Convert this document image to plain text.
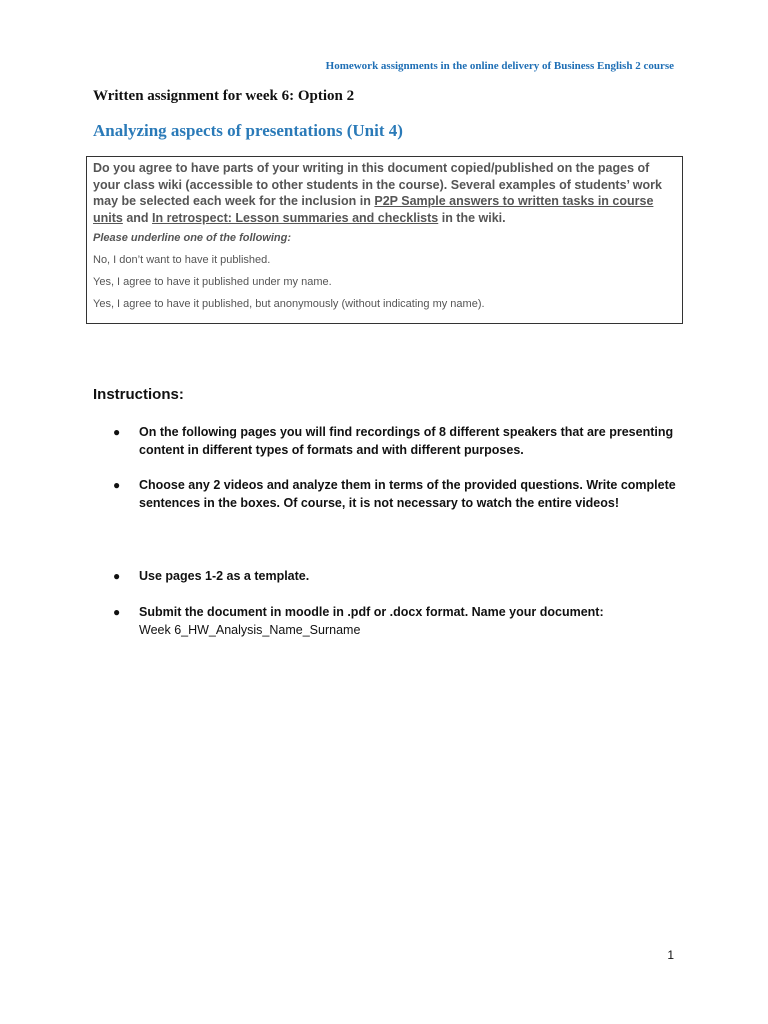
Homework assignments in the online delivery of Business English 2 course
Written assignment for week 6: Option 2
Analyzing aspects of presentations (Unit 4)

Do you agree to have parts of your writing in this document copied/published on the pages of your class wiki (accessible to other students in the course). Several examples of students’ work may be selected each week for the inclusion in P2P Sample answers to written tasks in course units and In retrospect: Lesson summaries and checklists in the wiki.

Please underline one of the following:
No, I don’t want to have it published.
Yes, I agree to have it published under my name.
Yes, I agree to have it published, but anonymously (without indicating my name).
Instructions:
● On the following pages you will find recordings of 8 different speakers that are presenting content in different types of formats and with different purposes.
● Choose any 2 videos and analyze them in terms of the provided questions. Write complete sentences in the boxes. Of course, it is not necessary to watch the entire videos!
● Use pages 1-2 as a template.
● Submit the document in moodle in .pdf or .docx format. Name your document:
Week 6_HW_Analysis_Name_Surname
1
